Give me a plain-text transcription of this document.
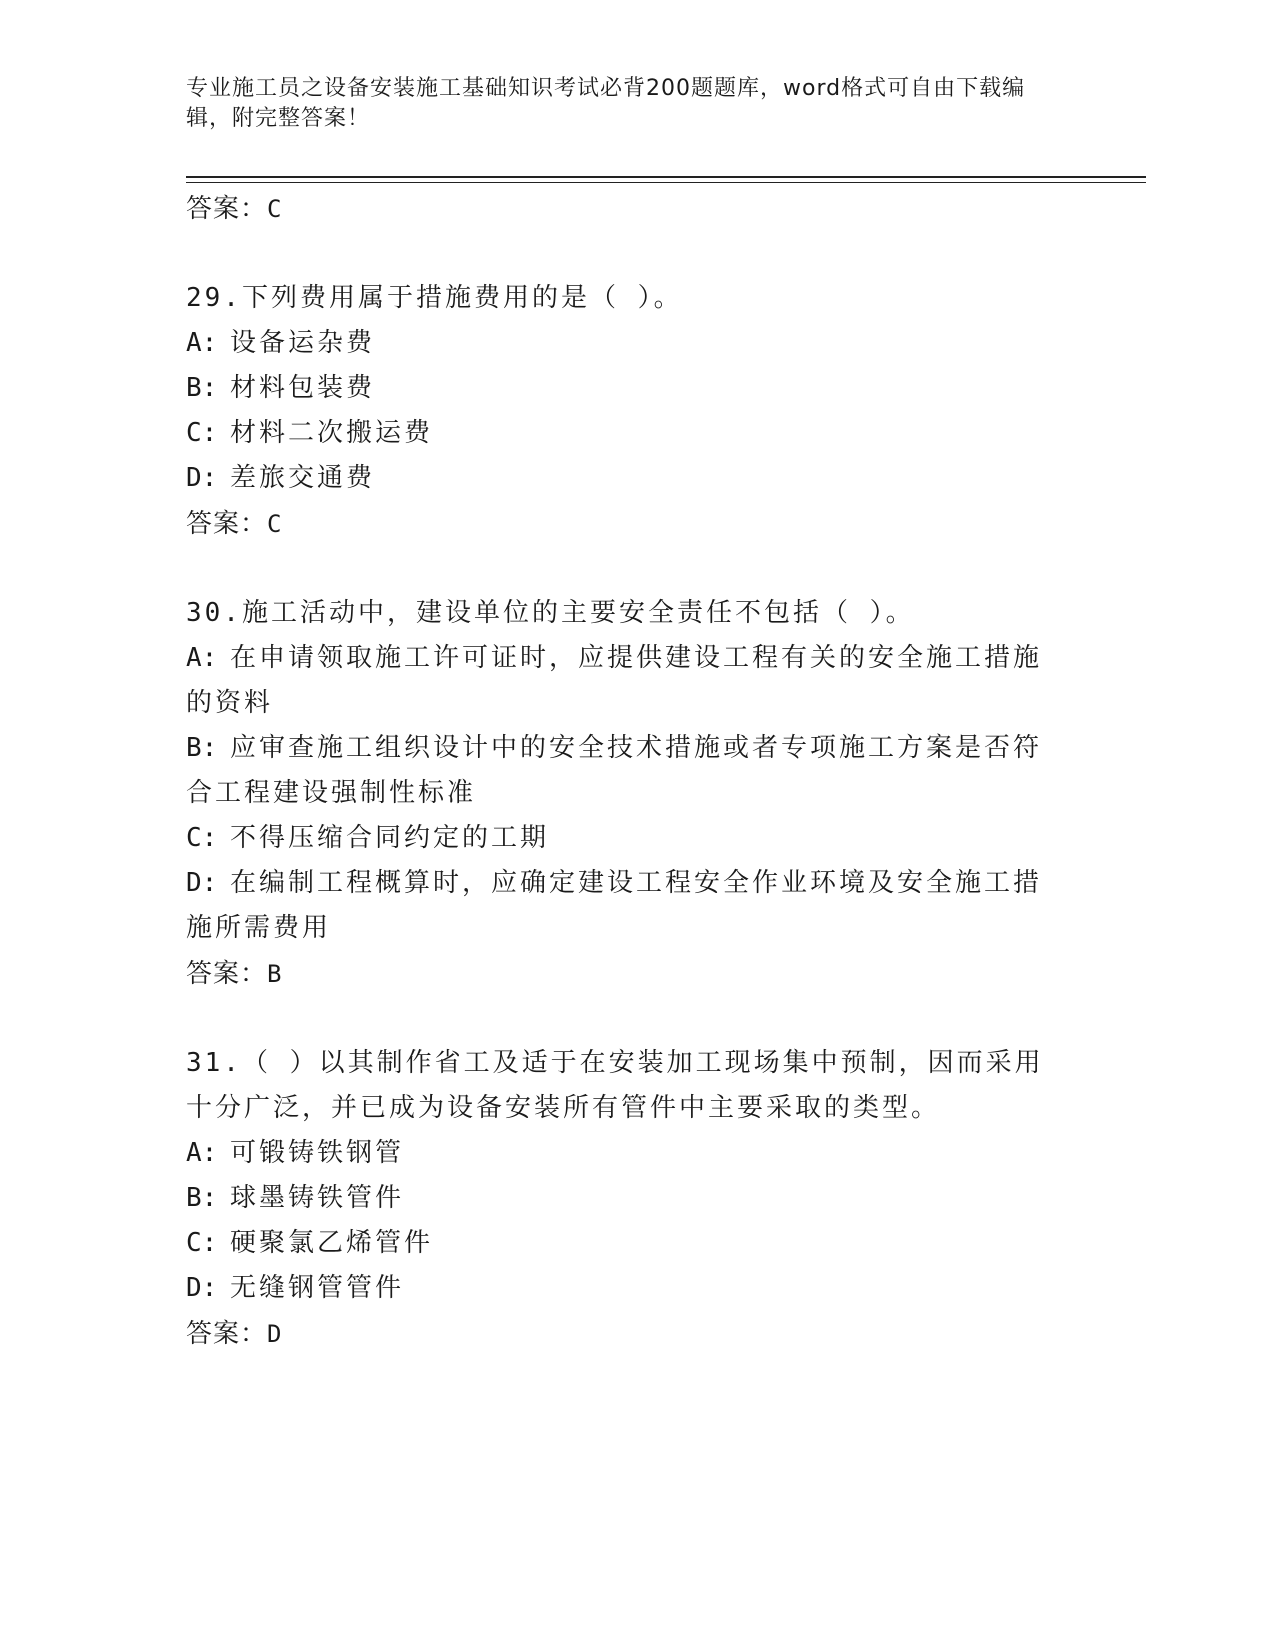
专业施工员之设备安装施工基础知识考试必背200题题库，word格式可自由下载编辑，附完整答案！
答案：C
29.下列费用属于措施费用的是（ ）。
A: 设备运杂费
B: 材料包装费
C: 材料二次搬运费
D: 差旅交通费
答案：C
30.施工活动中，建设单位的主要安全责任不包括（ ）。
A: 在申请领取施工许可证时，应提供建设工程有关的安全施工措施的资料
B: 应审查施工组织设计中的安全技术措施或者专项施工方案是否符合工程建设强制性标准
C: 不得压缩合同约定的工期
D: 在编制工程概算时，应确定建设工程安全作业环境及安全施工措施所需费用
答案：B
31.（ ）以其制作省工及适于在安装加工现场集中预制，因而采用十分广泛，并已成为设备安装所有管件中主要采取的类型。
A: 可锻铸铁钢管
B: 球墨铸铁管件
C: 硬聚氯乙烯管件
D: 无缝钢管管件
答案：D
